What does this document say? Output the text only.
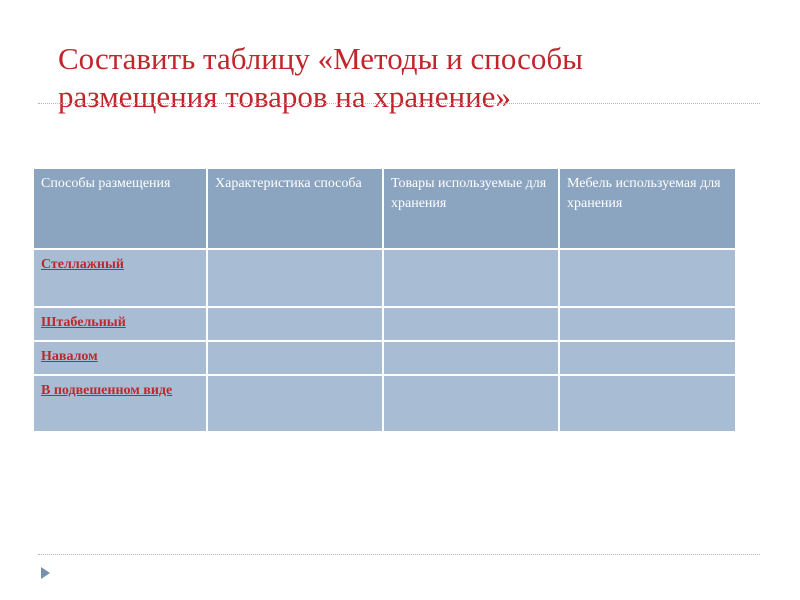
Составить таблицу «Методы и способы
размещения товаров на хранение»
Способы размещения	Характеристика способа	Товары используемые для хранения	Мебель используемая для хранения
Стеллажный			
Штабельный			
Навалом			
В подвешенном виде			
